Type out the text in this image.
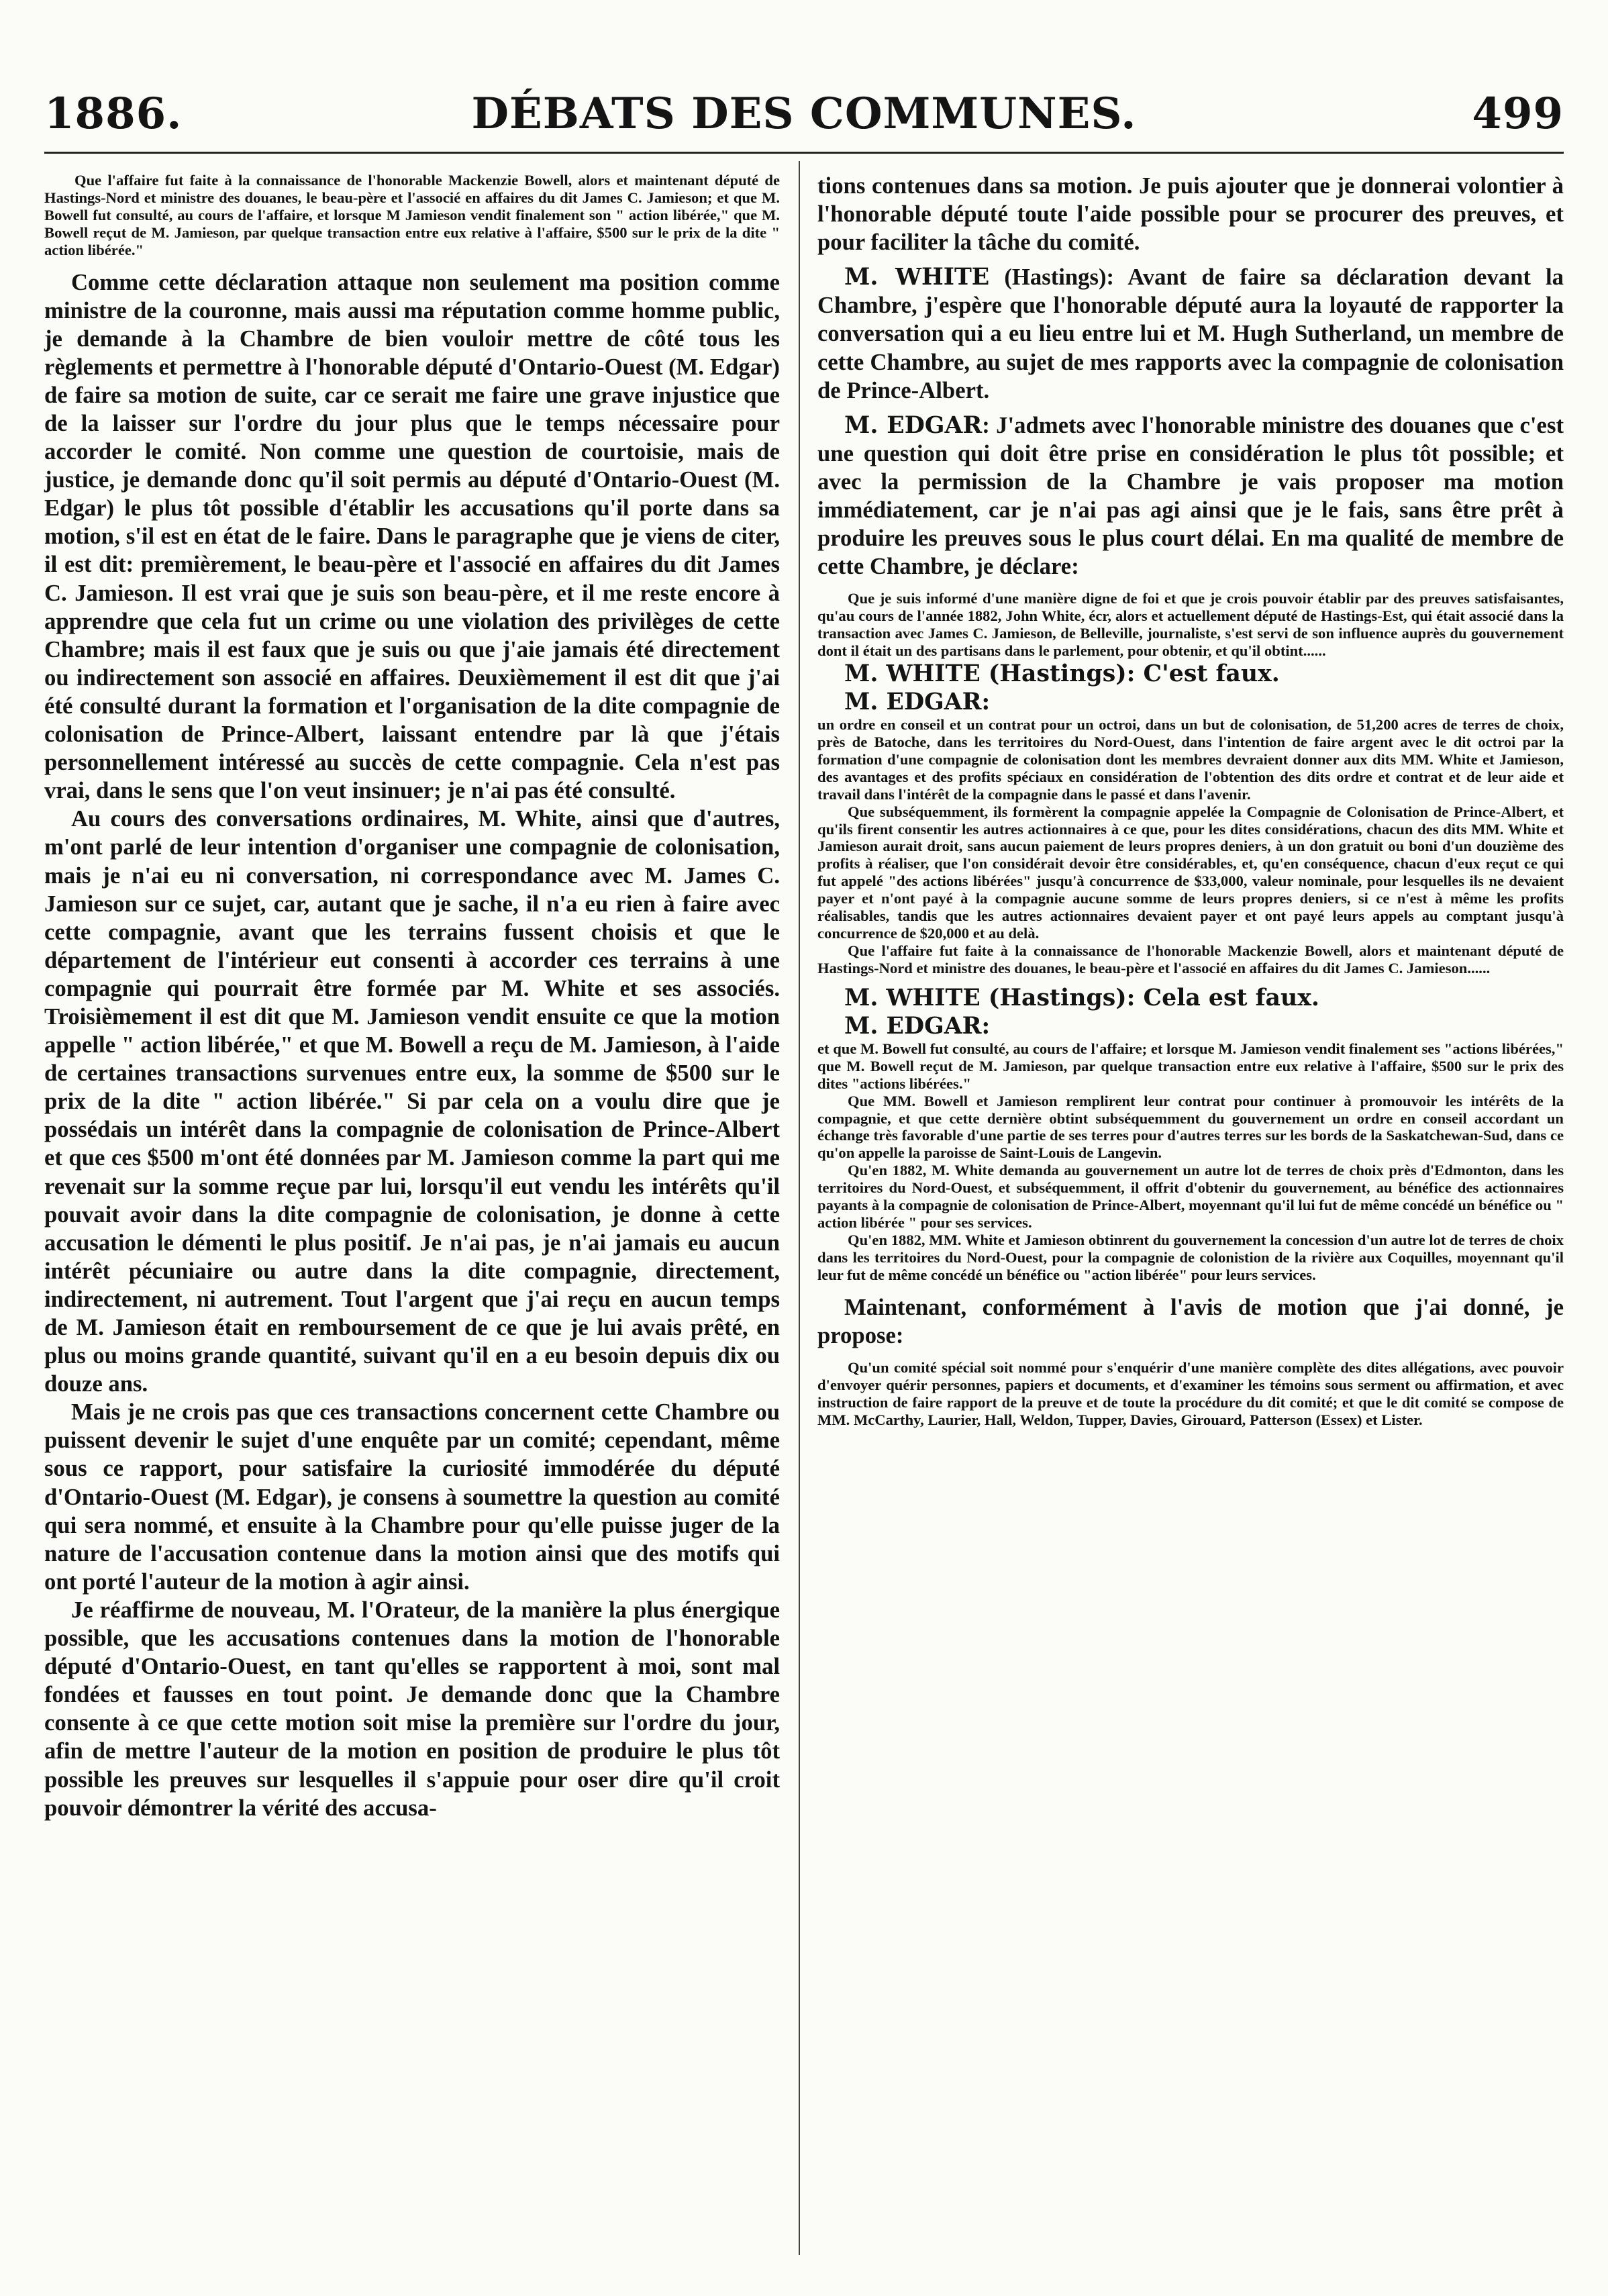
1886.	DÉBATS DES COMMUNES.	499

Que l'affaire fut faite à la connaissance de l'honorable Mackenzie Bowell, alors et maintenant député de Hastings-Nord et ministre des douanes, le beau-père et l'associé en affaires du dit James C. Jamieson; et que M. Bowell fut consulté, au cours de l'affaire, et lorsque M Jamieson vendit finalement son " action libérée," que M. Bowell reçut de M. Jamieson, par quelque transaction entre eux relative à l'affaire, $500 sur le prix de la dite " action libérée."

Comme cette déclaration attaque non seulement ma position comme ministre de la couronne, mais aussi ma réputation comme homme public, je demande à la Chambre de bien vouloir mettre de côté tous les règlements et permettre à l'honorable député d'Ontario-Ouest (M. Edgar) de faire sa motion de suite, car ce serait me faire une grave injustice que de la laisser sur l'ordre du jour plus que le temps nécessaire pour accorder le comité. Non comme une question de courtoisie, mais de justice, je demande donc qu'il soit permis au député d'Ontario-Ouest (M. Edgar) le plus tôt possible d'établir les accusations qu'il porte dans sa motion, s'il est en état de le faire. Dans le paragraphe que je viens de citer, il est dit: premièrement, le beau-père et l'associé en affaires du dit James C. Jamieson. Il est vrai que je suis son beau-père, et il me reste encore à apprendre que cela fut un crime ou une violation des privilèges de cette Chambre; mais il est faux que je suis ou que j'aie jamais été directement ou indirectement son associé en affaires. Deuxièmement il est dit que j'ai été consulté durant la formation et l'organisation de la dite compagnie de colonisation de Prince-Albert, laissant entendre par là que j'étais personnellement intéressé au succès de cette compagnie. Cela n'est pas vrai, dans le sens que l'on veut insinuer; je n'ai pas été consulté.

Au cours des conversations ordinaires, M. White, ainsi que d'autres, m'ont parlé de leur intention d'organiser une compagnie de colonisation, mais je n'ai eu ni conversation, ni correspondance avec M. James C. Jamieson sur ce sujet, car, autant que je sache, il n'a eu rien à faire avec cette compagnie, avant que les terrains fussent choisis et que le département de l'intérieur eut consenti à accorder ces terrains à une compagnie qui pourrait être formée par M. White et ses associés. Troisièmement il est dit que M. Jamieson vendit ensuite ce que la motion appelle " action libérée," et que M. Bowell a reçu de M. Jamieson, à l'aide de certaines transactions survenues entre eux, la somme de $500 sur le prix de la dite " action libérée." Si par cela on a voulu dire que je possédais un intérêt dans la compagnie de colonisation de Prince-Albert et que ces $500 m'ont été données par M. Jamieson comme la part qui me revenait sur la somme reçue par lui, lorsqu'il eut vendu les intérêts qu'il pouvait avoir dans la dite compagnie de colonisation, je donne à cette accusation le démenti le plus positif. Je n'ai pas, je n'ai jamais eu aucun intérêt pécuniaire ou autre dans la dite compagnie, directement, indirectement, ni autrement. Tout l'argent que j'ai reçu en aucun temps de M. Jamieson était en remboursement de ce que je lui avais prêté, en plus ou moins grande quantité, suivant qu'il en a eu besoin depuis dix ou douze ans.

Mais je ne crois pas que ces transactions concernent cette Chambre ou puissent devenir le sujet d'une enquête par un comité; cependant, même sous ce rapport, pour satisfaire la curiosité immodérée du député d'Ontario-Ouest (M. Edgar), je consens à soumettre la question au comité qui sera nommé, et ensuite à la Chambre pour qu'elle puisse juger de la nature de l'accusation contenue dans la motion ainsi que des motifs qui ont porté l'auteur de la motion à agir ainsi.

Je réaffirme de nouveau, M. l'Orateur, de la manière la plus énergique possible, que les accusations contenues dans la motion de l'honorable député d'Ontario-Ouest, en tant qu'elles se rapportent à moi, sont mal fondées et fausses en tout point. Je demande donc que la Chambre consente à ce que cette motion soit mise la première sur l'ordre du jour, afin de mettre l'auteur de la motion en position de produire le plus tôt possible les preuves sur lesquelles il s'appuie pour oser dire qu'il croit pouvoir démontrer la vérité des accusa-

tions contenues dans sa motion. Je puis ajouter que je donnerai volontier à l'honorable député toute l'aide possible pour se procurer des preuves, et pour faciliter la tâche du comité.

M. WHITE (Hastings): Avant de faire sa déclaration devant la Chambre, j'espère que l'honorable député aura la loyauté de rapporter la conversation qui a eu lieu entre lui et M. Hugh Sutherland, un membre de cette Chambre, au sujet de mes rapports avec la compagnie de colonisation de Prince-Albert.

M. EDGAR: J'admets avec l'honorable ministre des douanes que c'est une question qui doit être prise en considération le plus tôt possible; et avec la permission de la Chambre je vais proposer ma motion immédiatement, car je n'ai pas agi ainsi que je le fais, sans être prêt à produire les preuves sous le plus court délai. En ma qualité de membre de cette Chambre, je déclare:

Que je suis informé d'une manière digne de foi et que je crois pouvoir établir par des preuves satisfaisantes, qu'au cours de l'année 1882, John White, écr, alors et actuellement député de Hastings-Est, qui était associé dans la transaction avec James C. Jamieson, de Belleville, journaliste, s'est servi de son influence auprès du gouvernement dont il était un des partisans dans le parlement, pour obtenir, et qu'il obtint......

M. WHITE (Hastings): C'est faux.

M. EDGAR:

un ordre en conseil et un contrat pour un octroi, dans un but de colonisation, de 51,200 acres de terres de choix, près de Batoche, dans les territoires du Nord-Ouest, dans l'intention de faire argent avec le dit octroi par la formation d'une compagnie de colonisation dont les membres devraient donner aux dits MM. White et Jamieson, des avantages et des profits spéciaux en considération de l'obtention des dits ordre et contrat et de leur aide et travail dans l'intérêt de la compagnie dans le passé et dans l'avenir.

Que subséquemment, ils formèrent la compagnie appelée la Compagnie de Colonisation de Prince-Albert, et qu'ils firent consentir les autres actionnaires à ce que, pour les dites considérations, chacun des dits MM. White et Jamieson aurait droit, sans aucun paiement de leurs propres deniers, à un don gratuit ou boni d'un douzième des profits à réaliser, que l'on considérait devoir être considérables, et, qu'en conséquence, chacun d'eux reçut ce qui fut appelé "des actions libérées" jusqu'à concurrence de $33,000, valeur nominale, pour lesquelles ils ne devaient payer et n'ont payé à la compagnie aucune somme de leurs propres deniers, si ce n'est à même les profits réalisables, tandis que les autres actionnaires devaient payer et ont payé leurs appels au comptant jusqu'à concurrence de $20,000 et au delà.

Que l'affaire fut faite à la connaissance de l'honorable Mackenzie Bowell, alors et maintenant député de Hastings-Nord et ministre des douanes, le beau-père et l'associé en affaires du dit James C. Jamieson......

M. WHITE (Hastings): Cela est faux.

M. EDGAR:

et que M. Bowell fut consulté, au cours de l'affaire; et lorsque M. Jamieson vendit finalement ses "actions libérées," que M. Bowell reçut de M. Jamieson, par quelque transaction entre eux relative à l'affaire, $500 sur le prix des dites "actions libérées."

Que MM. Bowell et Jamieson remplirent leur contrat pour continuer à promouvoir les intérêts de la compagnie, et que cette dernière obtint subséquemment du gouvernement un ordre en conseil accordant un échange très favorable d'une partie de ses terres pour d'autres terres sur les bords de la Saskatchewan-Sud, dans ce qu'on appelle la paroisse de Saint-Louis de Langevin.

Qu'en 1882, M. White demanda au gouvernement un autre lot de terres de choix près d'Edmonton, dans les territoires du Nord-Ouest, et subséquemment, il offrit d'obtenir du gouvernement, au bénéfice des actionnaires payants à la compagnie de colonisation de Prince-Albert, moyennant qu'il lui fut de même concédé un bénéfice ou " action libérée " pour ses services.

Qu'en 1882, MM. White et Jamieson obtinrent du gouvernement la concession d'un autre lot de terres de choix dans les territoires du Nord-Ouest, pour la compagnie de colonistion de la rivière aux Coquilles, moyennant qu'il leur fut de même concédé un bénéfice ou "action libérée" pour leurs services.

Maintenant, conformément à l'avis de motion que j'ai donné, je propose:

Qu'un comité spécial soit nommé pour s'enquérir d'une manière complète des dites allégations, avec pouvoir d'envoyer quérir personnes, papiers et documents, et d'examiner les témoins sous serment ou affirmation, et avec instruction de faire rapport de la preuve et de toute la procédure du dit comité; et que le dit comité se compose de MM. McCarthy, Laurier, Hall, Weldon, Tupper, Davies, Girouard, Patterson (Essex) et Lister.
